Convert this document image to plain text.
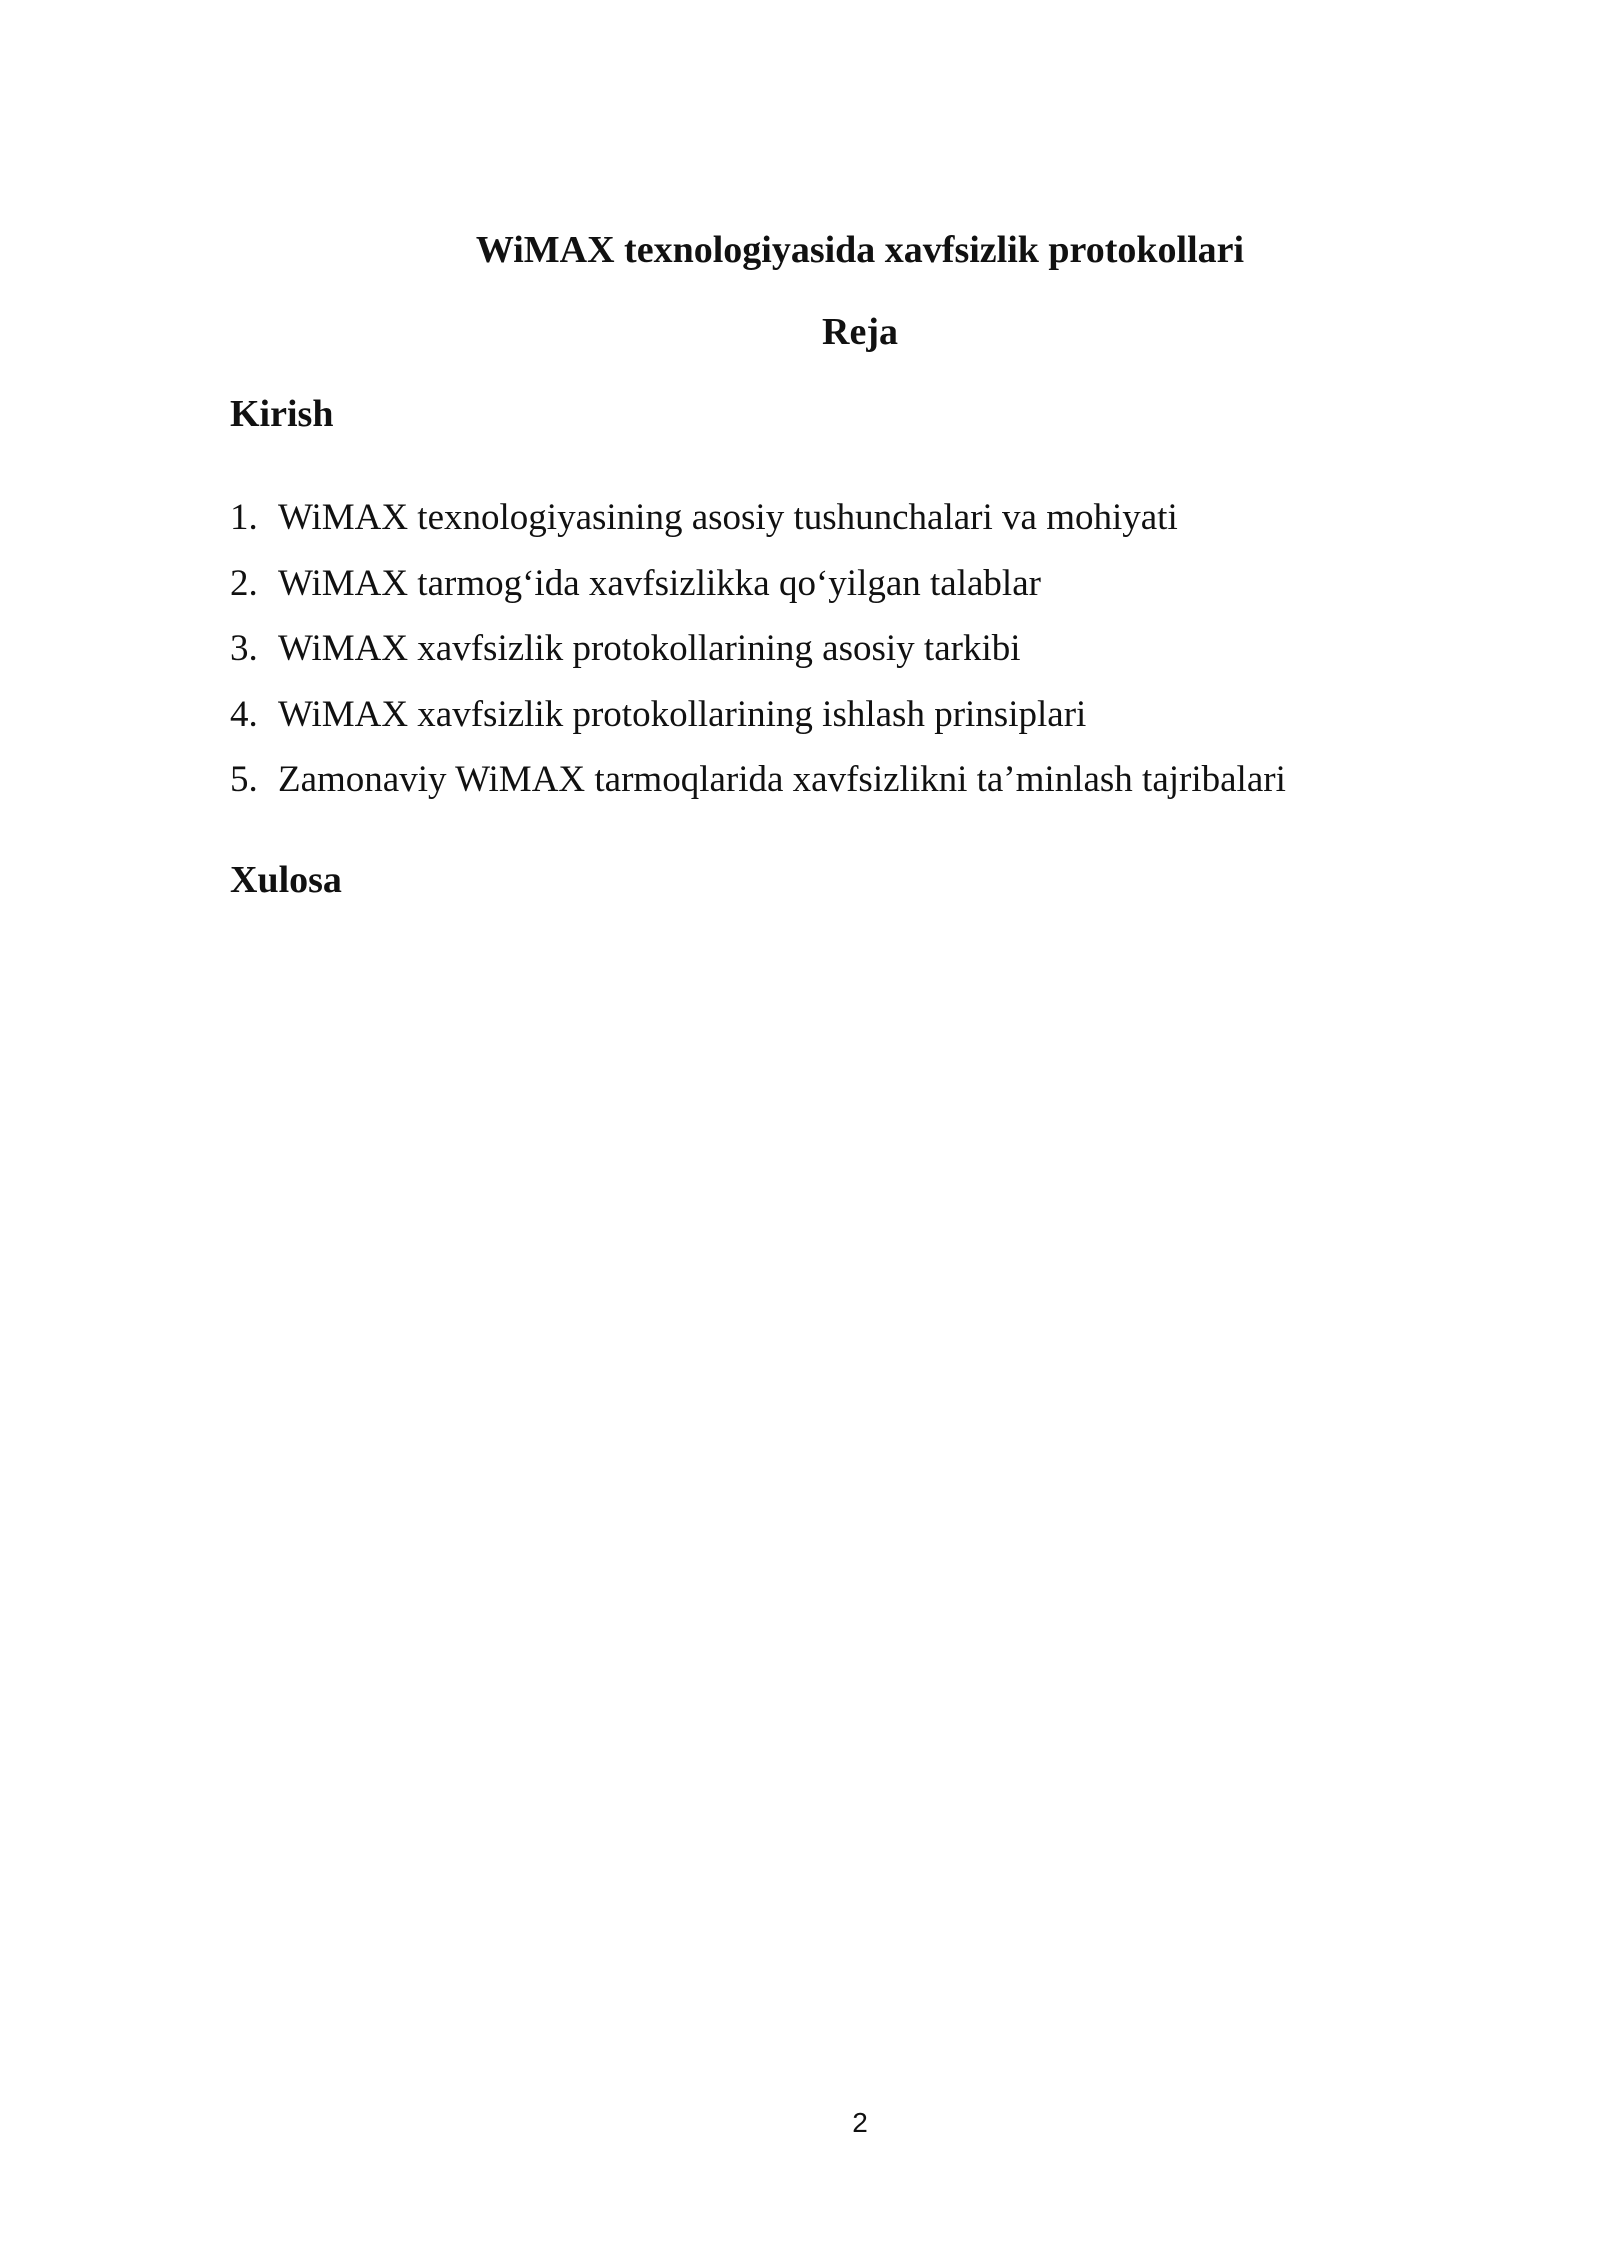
WiMAX texnologiyasida xavfsizlik protokollari
Reja
Kirish
1. WiMAX texnologiyasining asosiy tushunchalari va mohiyati
2. WiMAX tarmog‘ida xavfsizlikka qo‘yilgan talablar
3. WiMAX xavfsizlik protokollarining asosiy tarkibi
4. WiMAX xavfsizlik protokollarining ishlash prinsiplari
5. Zamonaviy WiMAX tarmoqlarida xavfsizlikni ta’minlash tajribalari
Xulosa
2
